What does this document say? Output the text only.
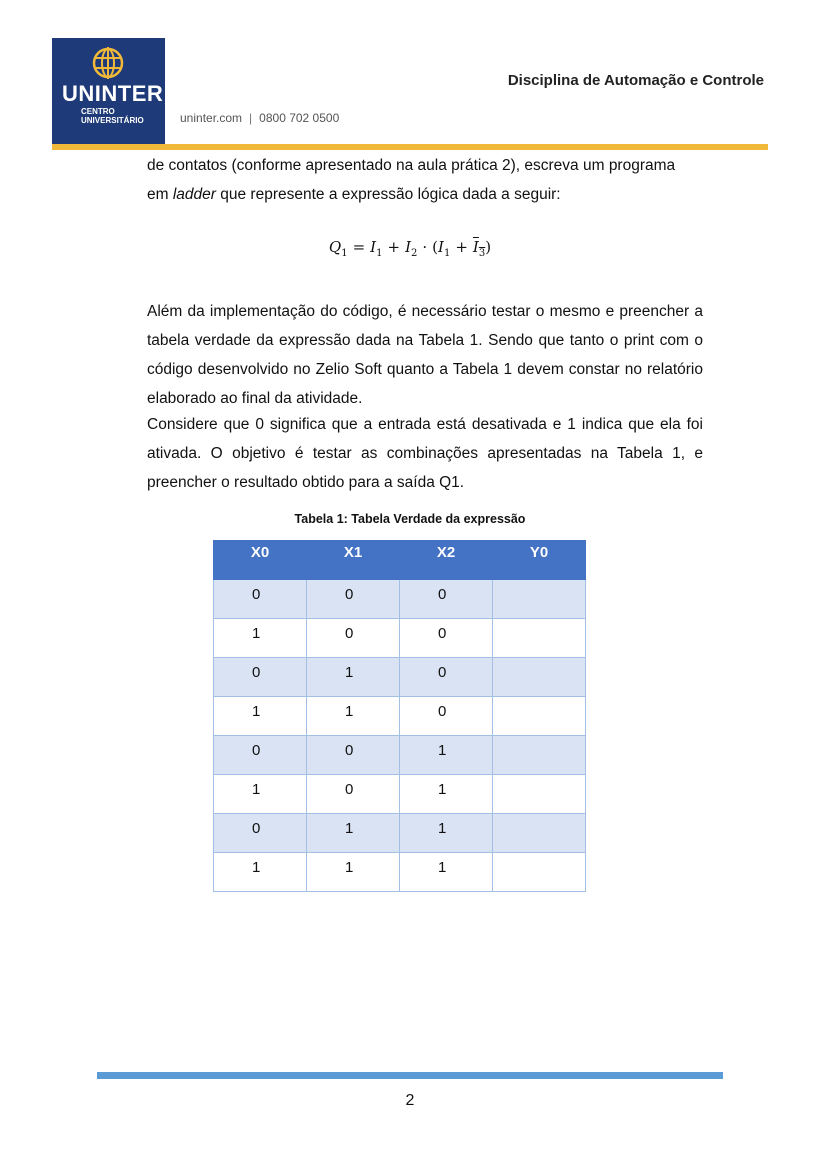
UNINTER
CENTRO
UNIVERSITÁRIO	uninter.com | 0800 702 0500
Disciplina de Automação e Controle
de contatos (conforme apresentado na aula prática 2), escreva um programa
em ladder que represente a expressão lógica dada a seguir:
$Q_1 = I_1 + I_2 \cdot (I_1 + I_3)$
Além da implementação do código, é necessário testar o mesmo e preencher a tabela verdade da expressão dada na Tabela 1. Sendo que tanto o print com o código desenvolvido no Zelio Soft quanto a Tabela 1 devem constar no relatório elaborado ao final da atividade.
Considere que 0 significa que a entrada está desativada e 1 indica que ela foi ativada. O objetivo é testar as combinações apresentadas na Tabela 1, e preencher o resultado obtido para a saída Q1.
Tabela 1: Tabela Verdade da expressão
X0	X1	X2	Y0
0	0	0	
1	0	0	
0	1	0	
1	1	0	
0	0	1	
1	0	1	
0	1	1	
1	1	1	
2
